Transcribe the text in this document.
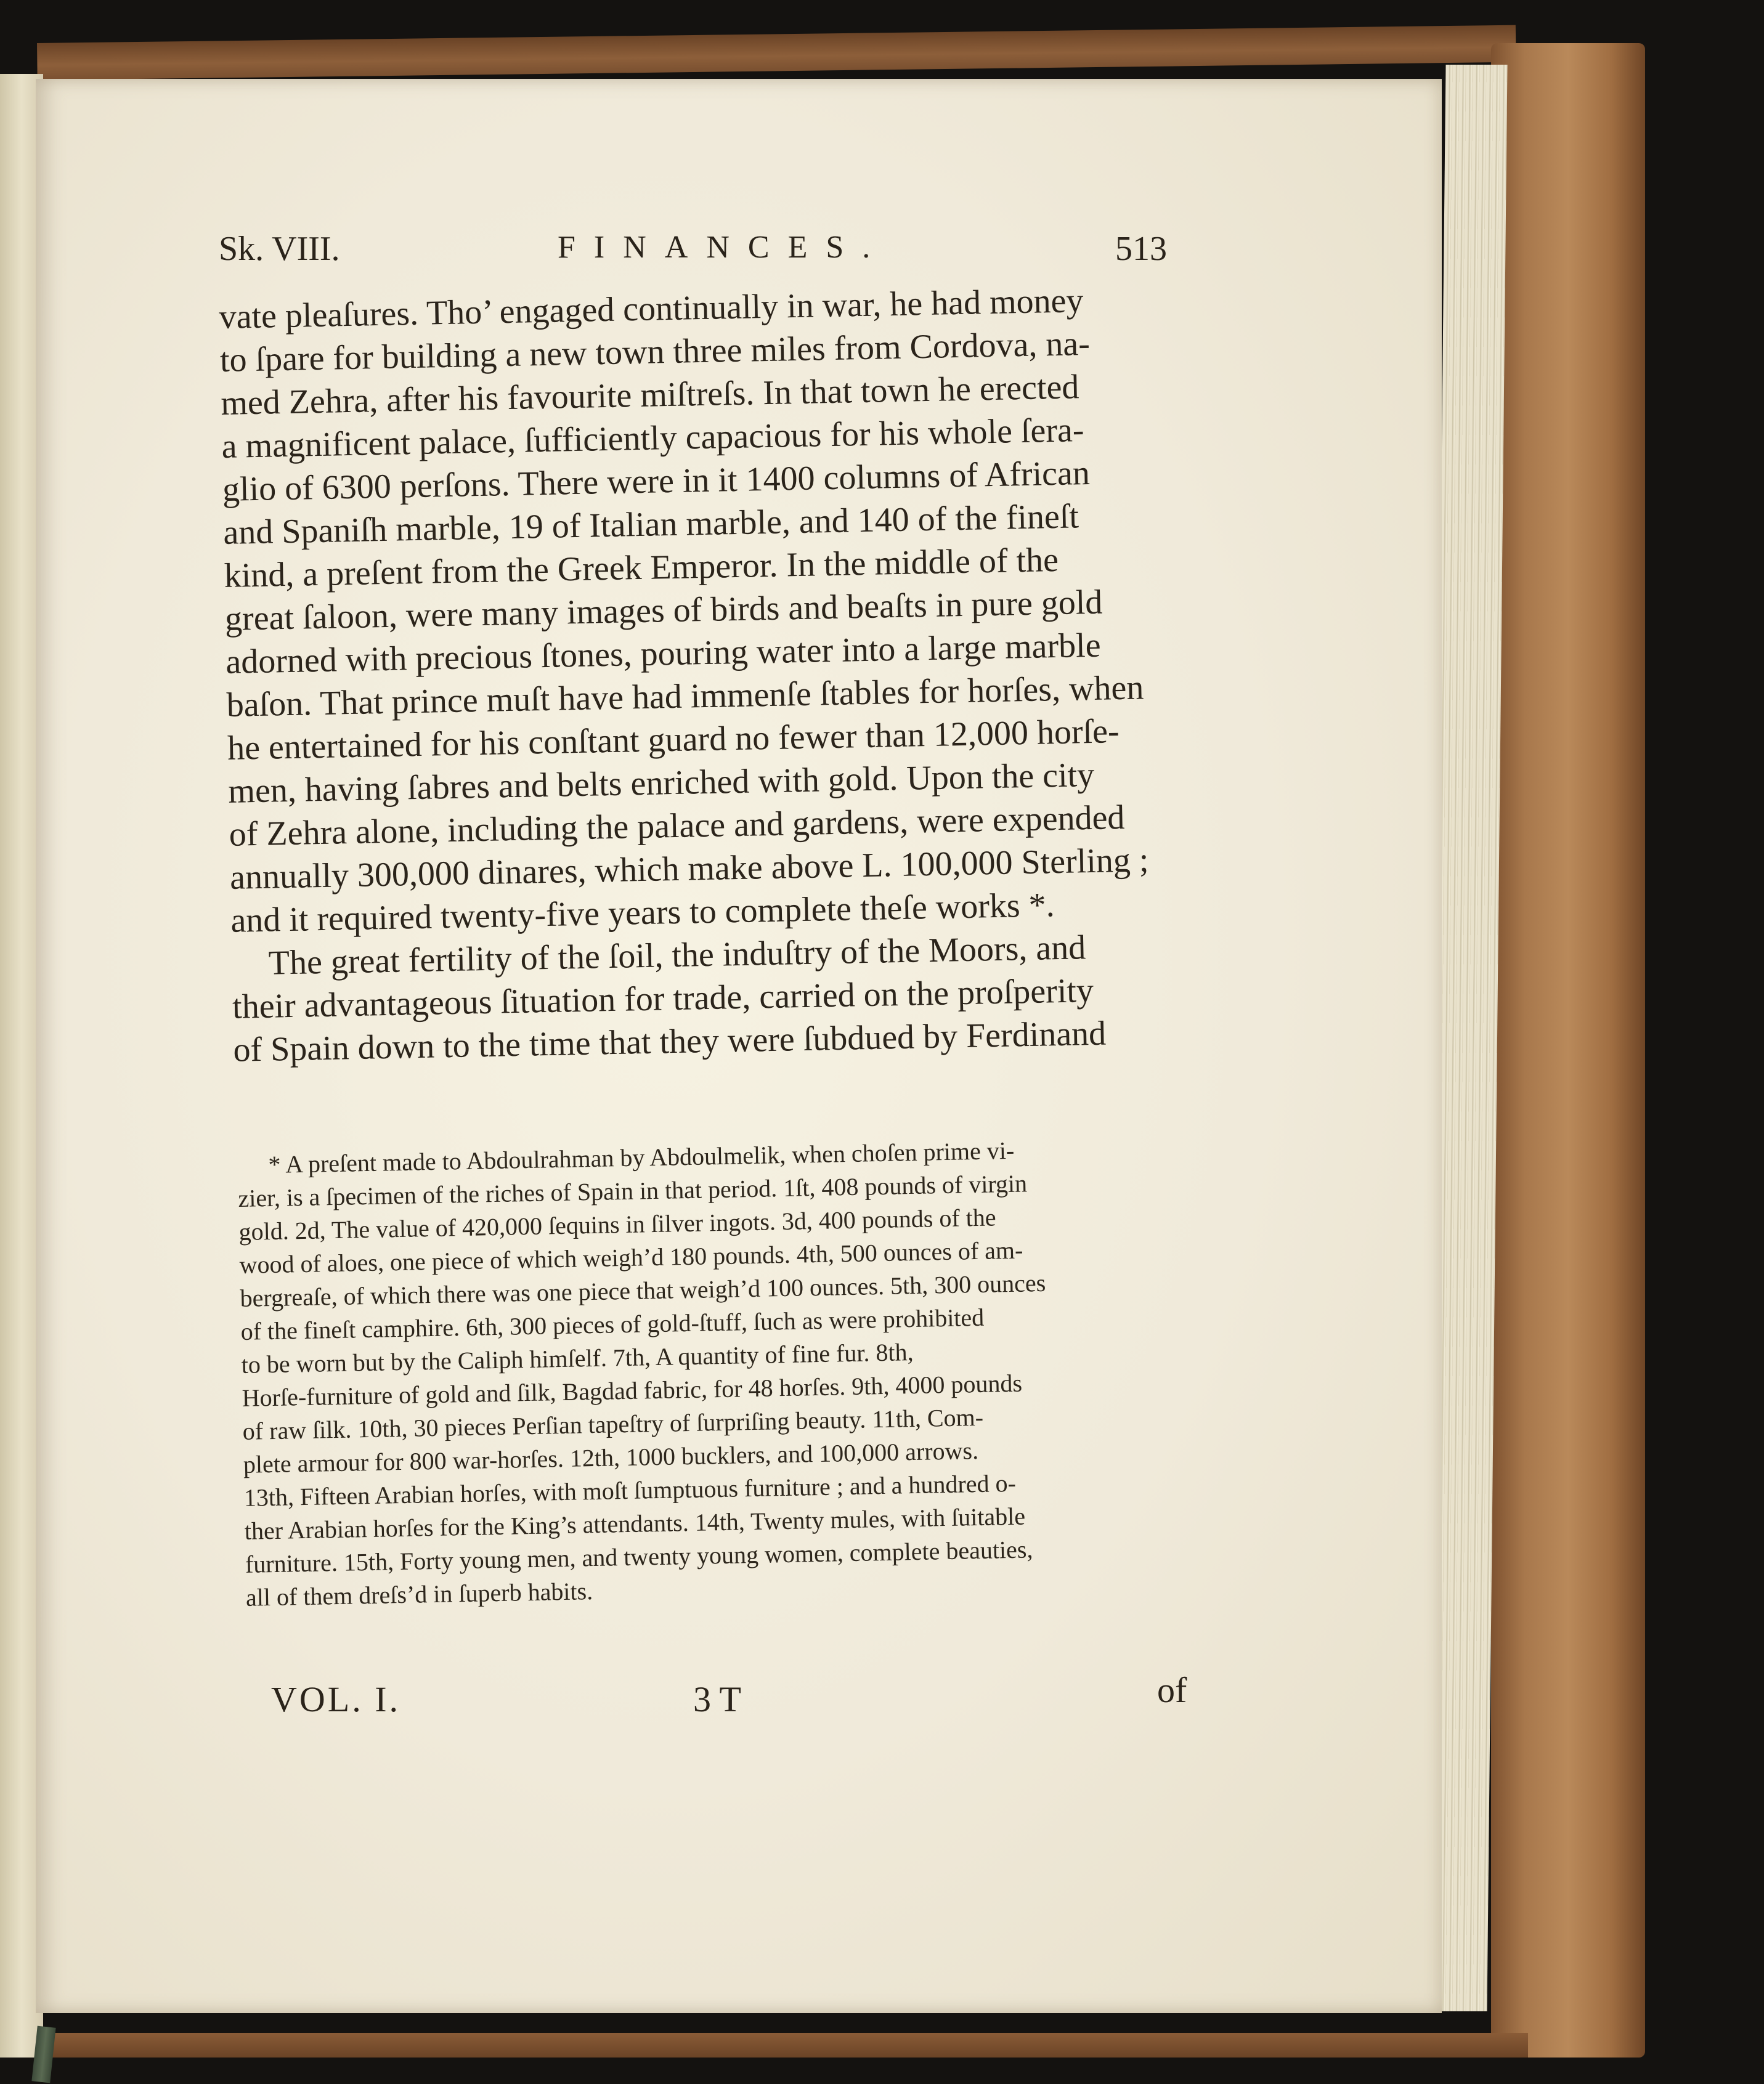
Sk. VIII.	FINANCES.	513
vate pleaſures. Tho’ engaged continually in war, he had money
to ſpare for building a new town three miles from Cordova, na-
med Zehra, after his favourite miſtreſs. In that town he erected
a magnificent palace, ſufficiently capacious for his whole ſera-
glio of 6300 perſons. There were in it 1400 columns of African
and Spaniſh marble, 19 of Italian marble, and 140 of the fineſt
kind, a preſent from the Greek Emperor. In the middle of the
great ſaloon, were many images of birds and beaſts in pure gold
adorned with precious ſtones, pouring water into a large marble
baſon. That prince muſt have had immenſe ſtables for horſes, when
he entertained for his conſtant guard no fewer than 12,000 horſe-
men, having ſabres and belts enriched with gold. Upon the city
of Zehra alone, including the palace and gardens, were expended
annually 300,000 dinares, which make above L. 100,000 Sterling ;
and it required twenty-five years to complete theſe works *.
The great fertility of the ſoil, the induſtry of the Moors, and
their advantageous ſituation for trade, carried on the proſperity
of Spain down to the time that they were ſubdued by Ferdinand
* A preſent made to Abdoulrahman by Abdoulmelik, when choſen prime vi-
zier, is a ſpecimen of the riches of Spain in that period. 1ſt, 408 pounds of virgin
gold. 2d, The value of 420,000 ſequins in ſilver ingots. 3d, 400 pounds of the
wood of aloes, one piece of which weigh’d 180 pounds. 4th, 500 ounces of am-
bergreaſe, of which there was one piece that weigh’d 100 ounces. 5th, 300 ounces
of the fineſt camphire. 6th, 300 pieces of gold-ſtuff, ſuch as were prohibited
to be worn but by the Caliph himſelf. 7th, A quantity of fine fur. 8th,
Horſe-furniture of gold and ſilk, Bagdad fabric, for 48 horſes. 9th, 4000 pounds
of raw ſilk. 10th, 30 pieces Perſian tapeſtry of ſurpriſing beauty. 11th, Com-
plete armour for 800 war-horſes. 12th, 1000 bucklers, and 100,000 arrows.
13th, Fifteen Arabian horſes, with moſt ſumptuous furniture ; and a hundred o-
ther Arabian horſes for the King’s attendants. 14th, Twenty mules, with ſuitable
furniture. 15th, Forty young men, and twenty young women, complete beauties,
all of them dreſs’d in ſuperb habits.
VOL. I.	3 T	of
